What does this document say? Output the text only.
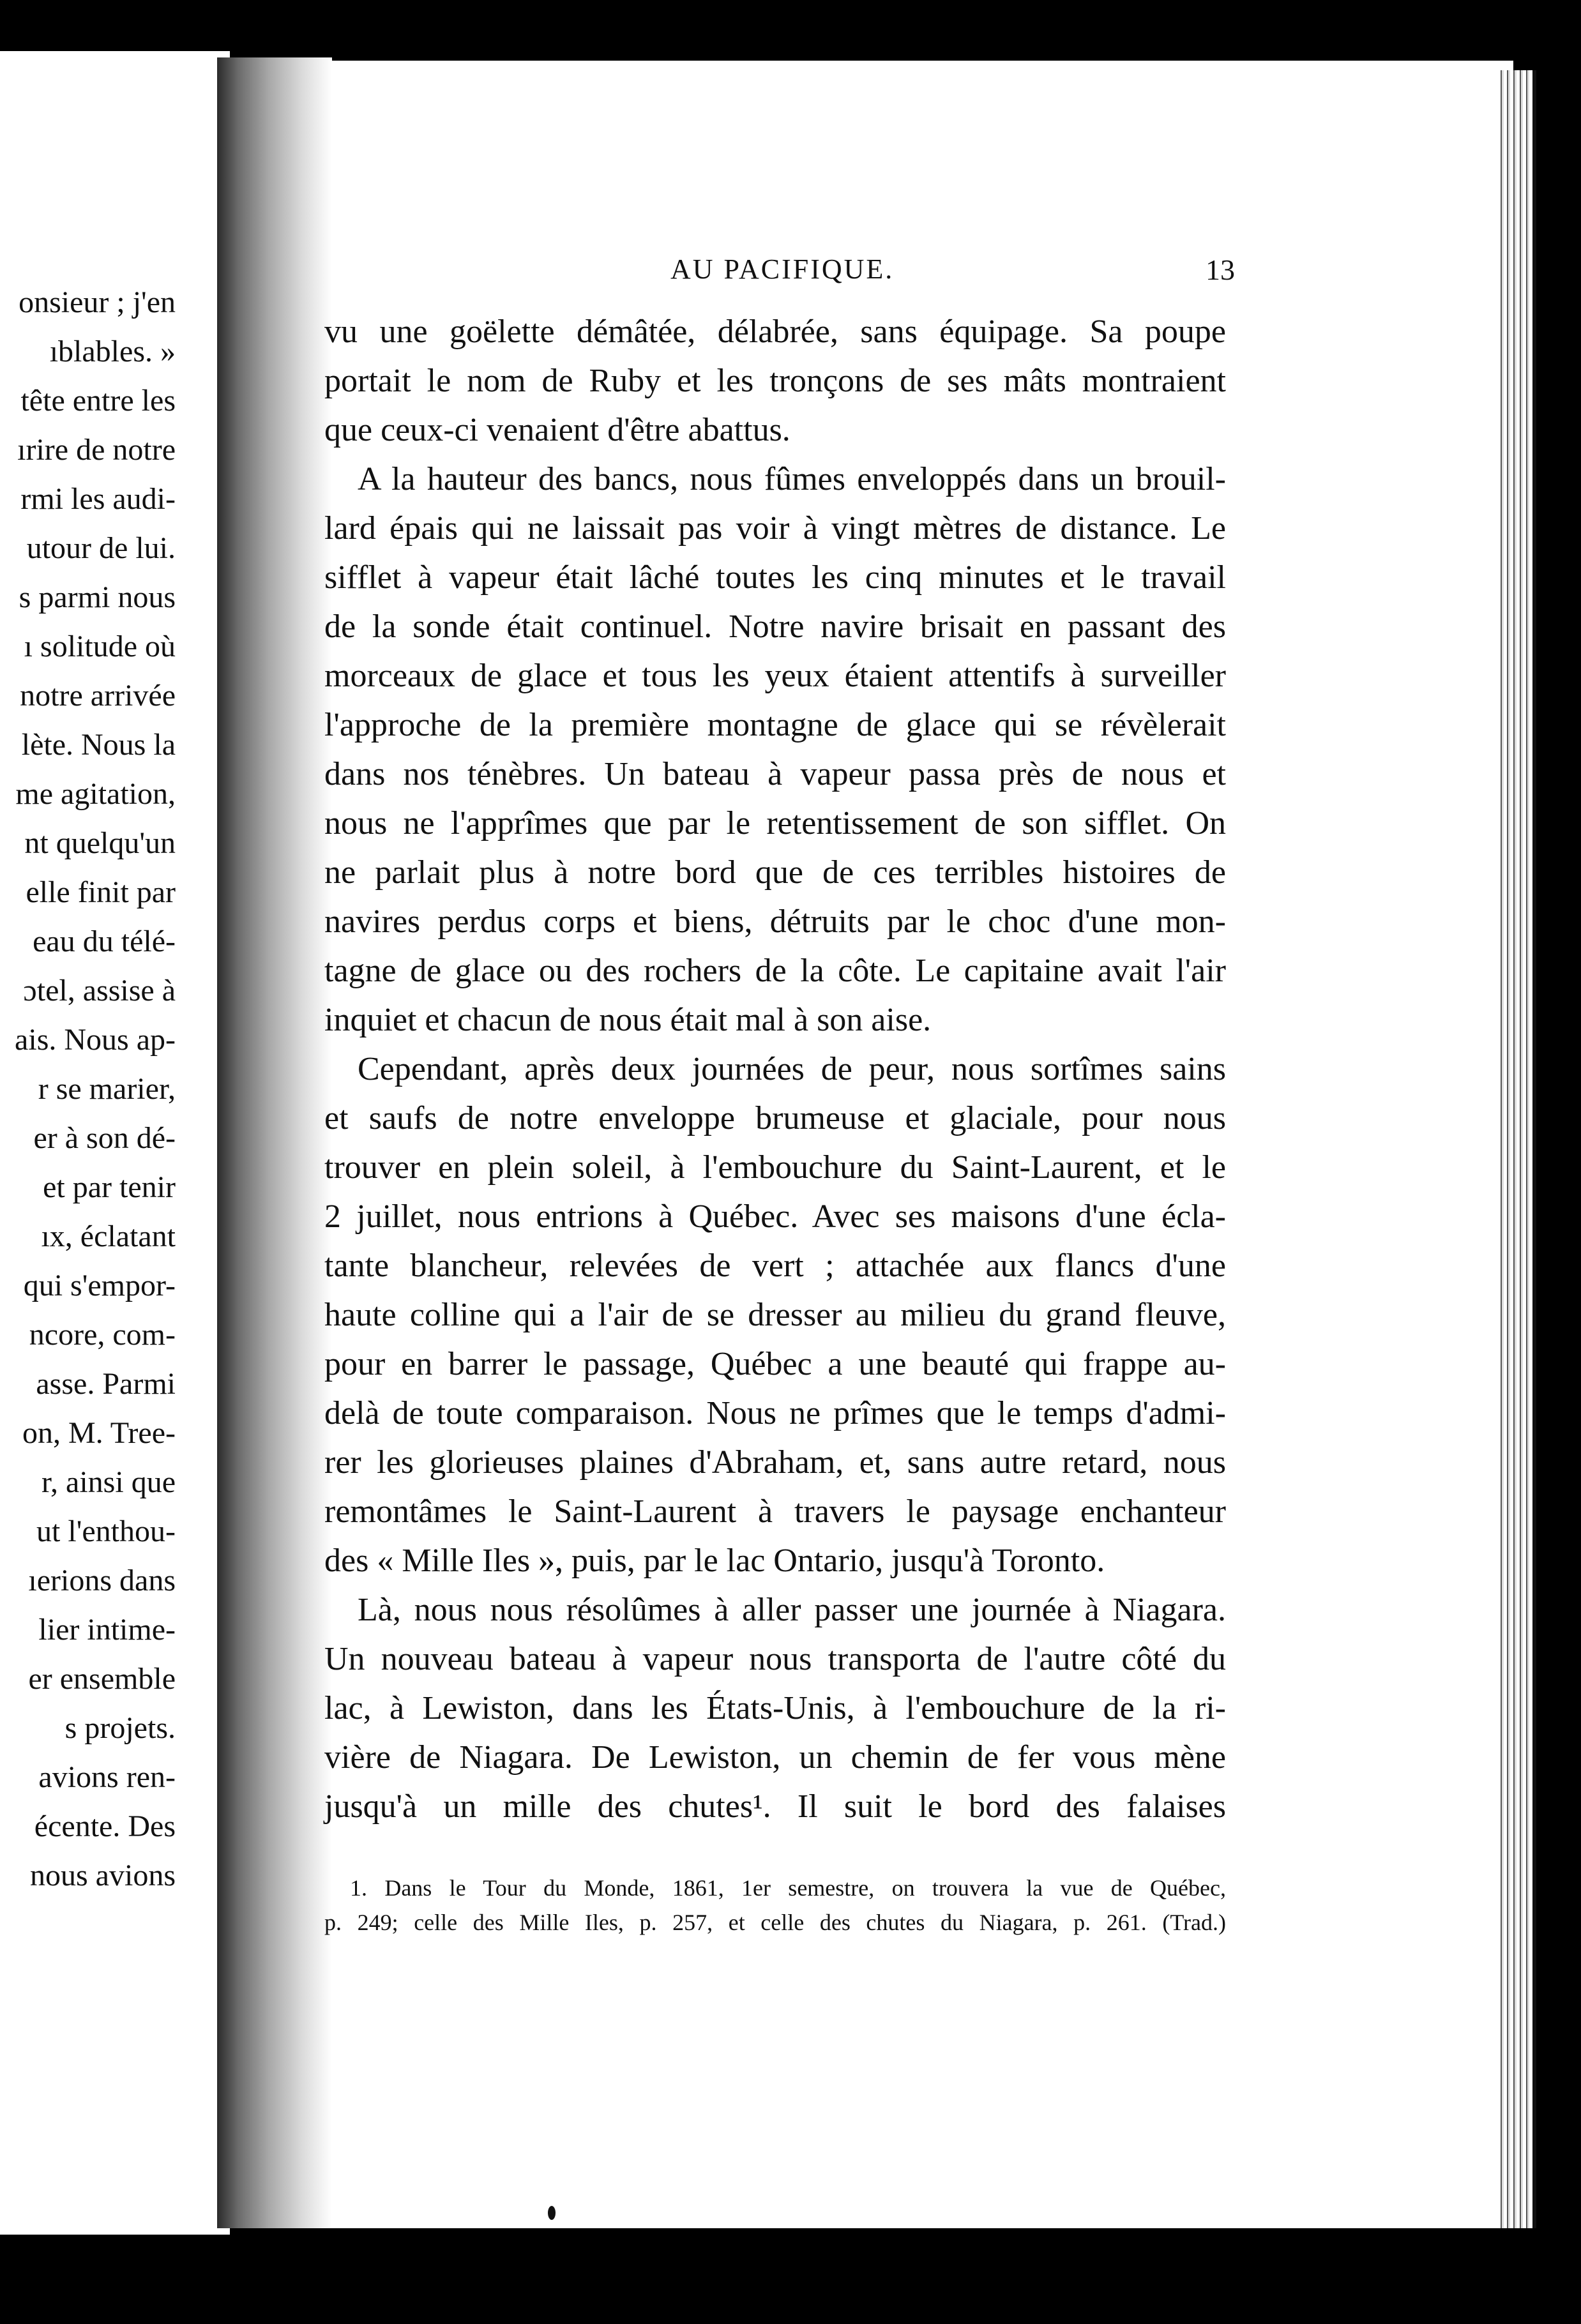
onsieur ; j'en
ıblables. »
tête entre les
ırire de notre
rmi les audi-
utour de lui.
s parmi nous
ı solitude où
notre arrivée
lète. Nous la
me agitation,
nt quelqu'un
elle finit par
eau du télé-
ɔtel, assise à
ais. Nous ap-
r se marier,
er à son dé-
et par tenir
ıx, éclatant
qui s'empor-
ncore, com-
asse. Parmi
on, M. Tree-
r, ainsi que
ut l'enthou-
ıerions dans
lier intime-
er ensemble
s projets.
avions ren-
écente. Des
nous avions
AU PACIFIQUE.	13
vu une goëlette démâtée, délabrée, sans équipage. Sa poupe
portait le nom de Ruby et les tronçons de ses mâts montraient
que ceux-ci venaient d'être abattus.
A la hauteur des bancs, nous fûmes enveloppés dans un brouil-
lard épais qui ne laissait pas voir à vingt mètres de distance. Le
sifflet à vapeur était lâché toutes les cinq minutes et le travail
de la sonde était continuel. Notre navire brisait en passant des
morceaux de glace et tous les yeux étaient attentifs à surveiller
l'approche de la première montagne de glace qui se révèlerait
dans nos ténèbres. Un bateau à vapeur passa près de nous et
nous ne l'apprîmes que par le retentissement de son sifflet. On
ne parlait plus à notre bord que de ces terribles histoires de
navires perdus corps et biens, détruits par le choc d'une mon-
tagne de glace ou des rochers de la côte. Le capitaine avait l'air
inquiet et chacun de nous était mal à son aise.
Cependant, après deux journées de peur, nous sortîmes sains
et saufs de notre enveloppe brumeuse et glaciale, pour nous
trouver en plein soleil, à l'embouchure du Saint-Laurent, et le
2 juillet, nous entrions à Québec. Avec ses maisons d'une écla-
tante blancheur, relevées de vert ; attachée aux flancs d'une
haute colline qui a l'air de se dresser au milieu du grand fleuve,
pour en barrer le passage, Québec a une beauté qui frappe au-
delà de toute comparaison. Nous ne prîmes que le temps d'admi-
rer les glorieuses plaines d'Abraham, et, sans autre retard, nous
remontâmes le Saint-Laurent à travers le paysage enchanteur
des « Mille Iles », puis, par le lac Ontario, jusqu'à Toronto.
Là, nous nous résolûmes à aller passer une journée à Niagara.
Un nouveau bateau à vapeur nous transporta de l'autre côté du
lac, à Lewiston, dans les États-Unis, à l'embouchure de la ri-
vière de Niagara. De Lewiston, un chemin de fer vous mène
jusqu'à un mille des chutes¹. Il suit le bord des falaises
1. Dans le Tour du Monde, 1861, 1er semestre, on trouvera la vue de Québec,
p. 249; celle des Mille Iles, p. 257, et celle des chutes du Niagara, p. 261. (Trad.)
